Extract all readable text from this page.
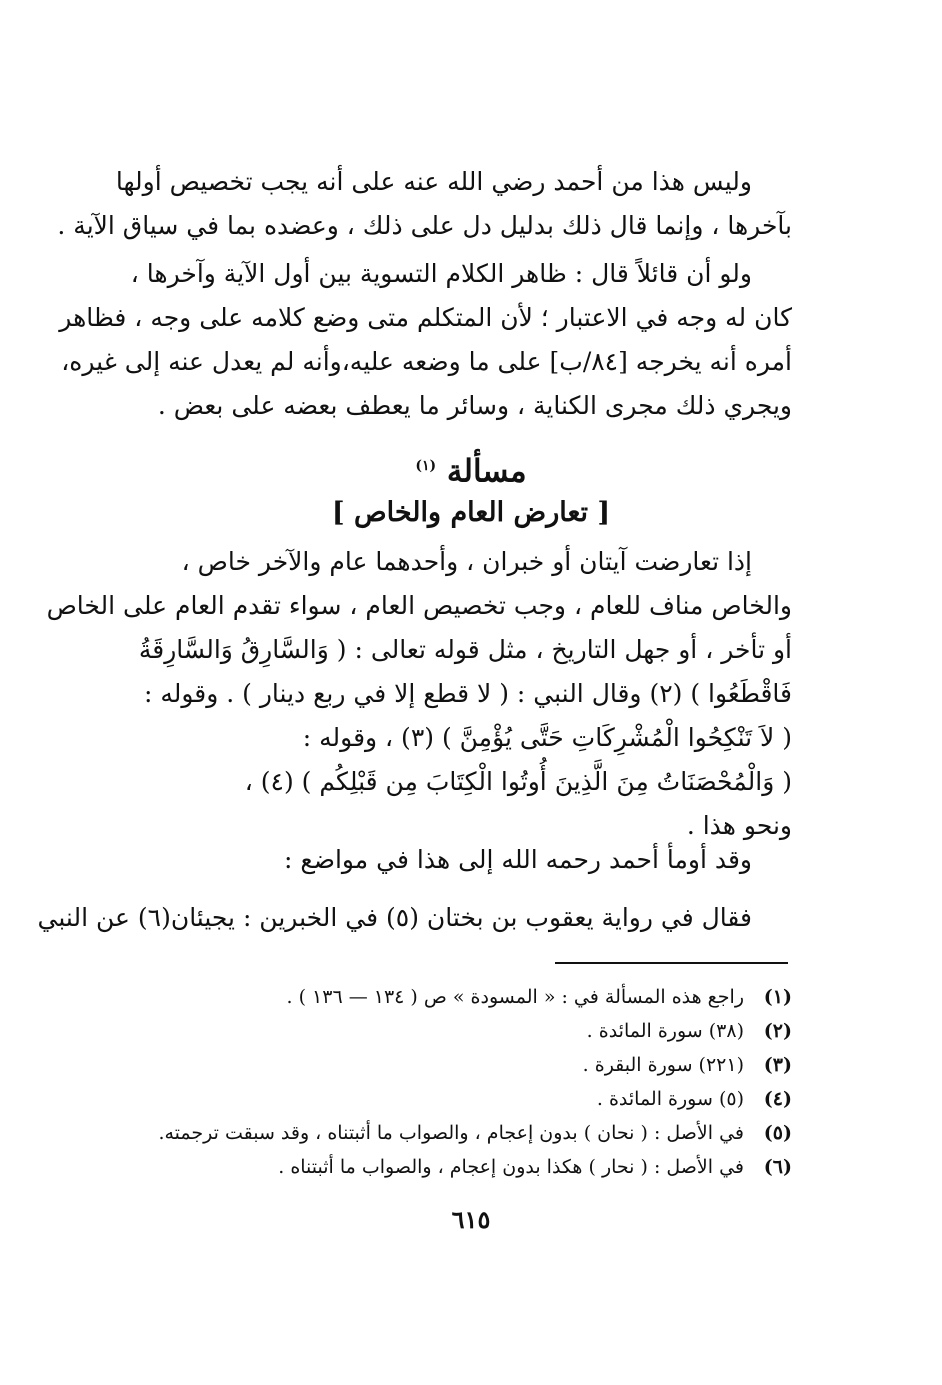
وليس هذا من أحمد رضي الله عنه على أنه يجب تخصيص أولها
بآخرها ، وإنما قال ذلك بدليل دل على ذلك ، وعضده بما في سياق الآية .
ولو أن قائلاً قال : ظاهر الكلام التسوية بين أول الآية وآخرها ،
كان له وجه في الاعتبار ؛ لأن المتكلم متى وضع كلامه على وجه ، فظاهر
أمره أنه يخرجه [٨٤/ب] على ما وضعه عليه،وأنه لم يعدل عنه إلى غيره،
ويجري ذلك مجرى الكناية ، وسائر ما يعطف بعضه على بعض .
مسألة $^{(١)}$
[ تعارض العام والخاص ]
إذا تعارضت آيتان أو خبران ، وأحدهما عام والآخر خاص ،
والخاص مناف للعام ، وجب تخصيص العام ، سواء تقدم العام على الخاص
أو تأخر ، أو جهل التاريخ ، مثل قوله تعالى : ( وَالسَّارِقُ وَالسَّارِقَةُ
فَاقْطَعُوا ) (٢) وقال النبي : ( لا قطع إلا في ربع دينار ) . وقوله :
( لاَ تَنْكِحُوا الْمُشْرِكَاتِ حَتَّى يُؤْمِنَّ ) (٣) ، وقوله :
( وَالْمُحْصَنَاتُ مِنَ الَّذِينَ أُوتُوا الْكِتَابَ مِن قَبْلِكُم ) (٤) ،
ونحو هذا .
وقد أومأ أحمد رحمه الله إلى هذا في مواضع :
فقال في رواية يعقوب بن بختان (٥) في الخبرين : يجيئان(٦) عن النبي
(١)راجع هذه المسألة في : « المسودة » ص ( ١٣٤ — ١٣٦ ) .
(٢)(٣٨) سورة المائدة .
(٣)(٢٢١) سورة البقرة .
(٤)(٥) سورة المائدة .
(٥)في الأصل : ( نحان ) بدون إعجام ، والصواب ما أثبتناه ، وقد سبقت ترجمته.
(٦)في الأصل : ( نحار ) هكذا بدون إعجام ، والصواب ما أثبتناه .
٦١٥
